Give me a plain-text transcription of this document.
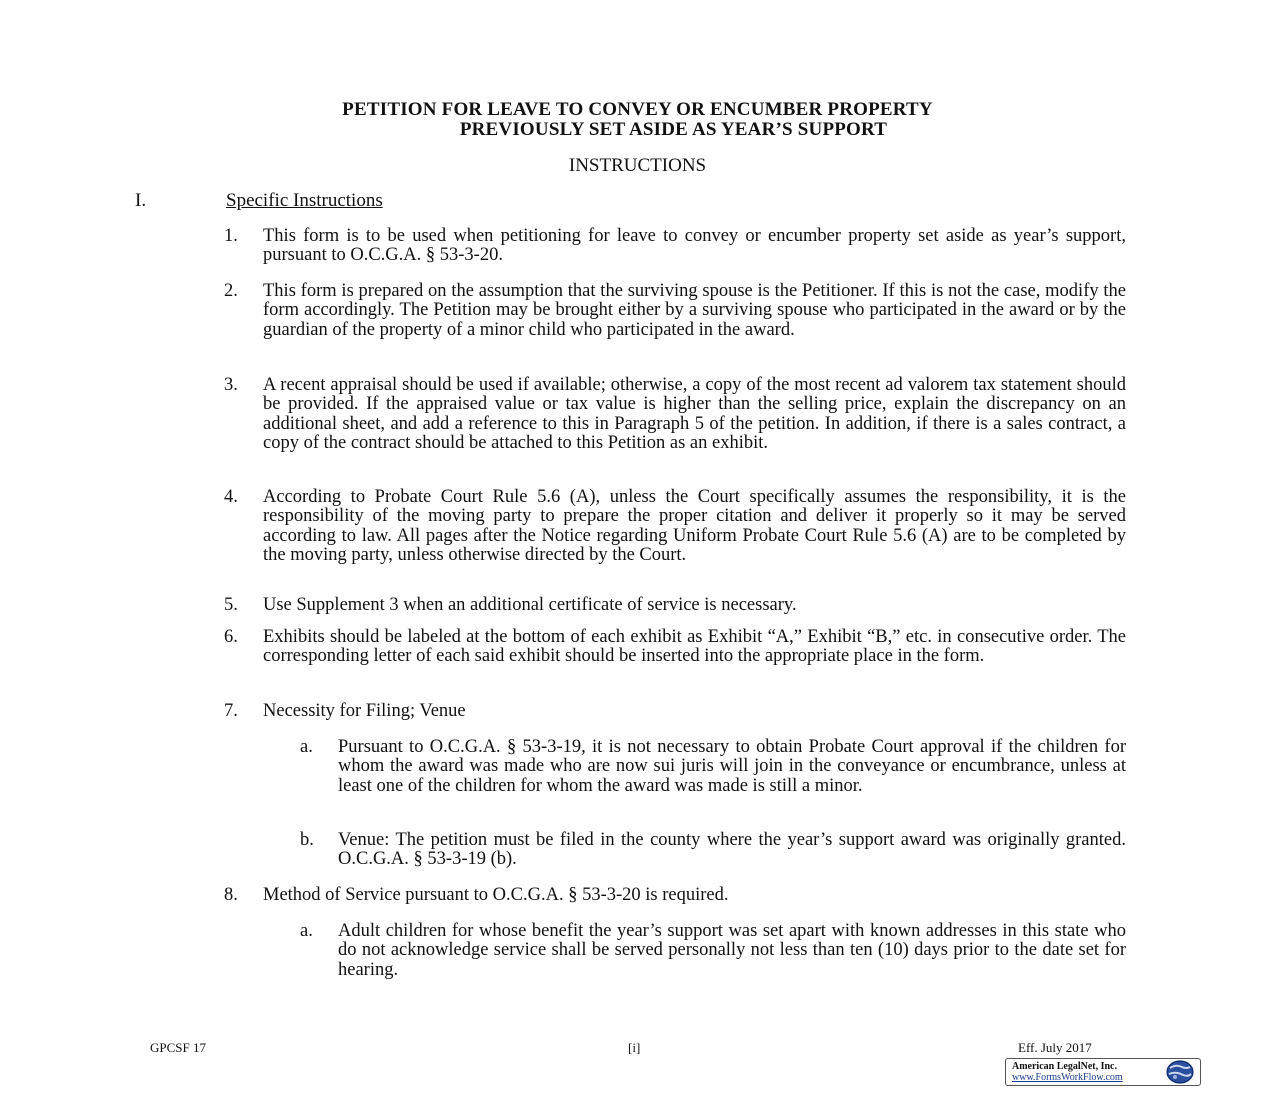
PETITION FOR LEAVE TO CONVEY OR ENCUMBER PROPERTY
PREVIOUSLY SET ASIDE AS YEAR’S SUPPORT
INSTRUCTIONS
I.	Specific Instructions
1.	This form is to be used when petitioning for leave to convey or encumber property set aside as year’s support, pursuant to O.C.G.A. § 53-3-20.
2.	This form is prepared on the assumption that the surviving spouse is the Petitioner. If this is not the case, modify the form accordingly. The Petition may be brought either by a surviving spouse who participated in the award or by the guardian of the property of a minor child who participated in the award.
3.	A recent appraisal should be used if available; otherwise, a copy of the most recent ad valorem tax statement should be provided. If the appraised value or tax value is higher than the selling price, explain the discrepancy on an additional sheet, and add a reference to this in Paragraph 5 of the petition. In addition, if there is a sales contract, a copy of the contract should be attached to this Petition as an exhibit.
4.	According to Probate Court Rule 5.6 (A), unless the Court specifically assumes the responsibility, it is the responsibility of the moving party to prepare the proper citation and deliver it properly so it may be served according to law. All pages after the Notice regarding Uniform Probate Court Rule 5.6 (A) are to be completed by the moving party, unless otherwise directed by the Court.
5.	Use Supplement 3 when an additional certificate of service is necessary.
6.	Exhibits should be labeled at the bottom of each exhibit as Exhibit “A,” Exhibit “B,” etc. in consecutive order. The corresponding letter of each said exhibit should be inserted into the appropriate place in the form.
7.	Necessity for Filing; Venue
a.	Pursuant to O.C.G.A. § 53-3-19, it is not necessary to obtain Probate Court approval if the children for whom the award was made who are now sui juris will join in the conveyance or encumbrance, unless at least one of the children for whom the award was made is still a minor.
b.	Venue: The petition must be filed in the county where the year’s support award was originally granted. O.C.G.A. § 53-3-19 (b).
8.	Method of Service pursuant to O.C.G.A. § 53-3-20 is required.
a.	Adult children for whose benefit the year’s support was set apart with known addresses in this state who do not acknowledge service shall be served personally not less than ten (10) days prior to the date set for hearing.
GPCSF 17	[i]	Eff. July 2017
American LegalNet, Inc.
www.FormsWorkFlow.com
